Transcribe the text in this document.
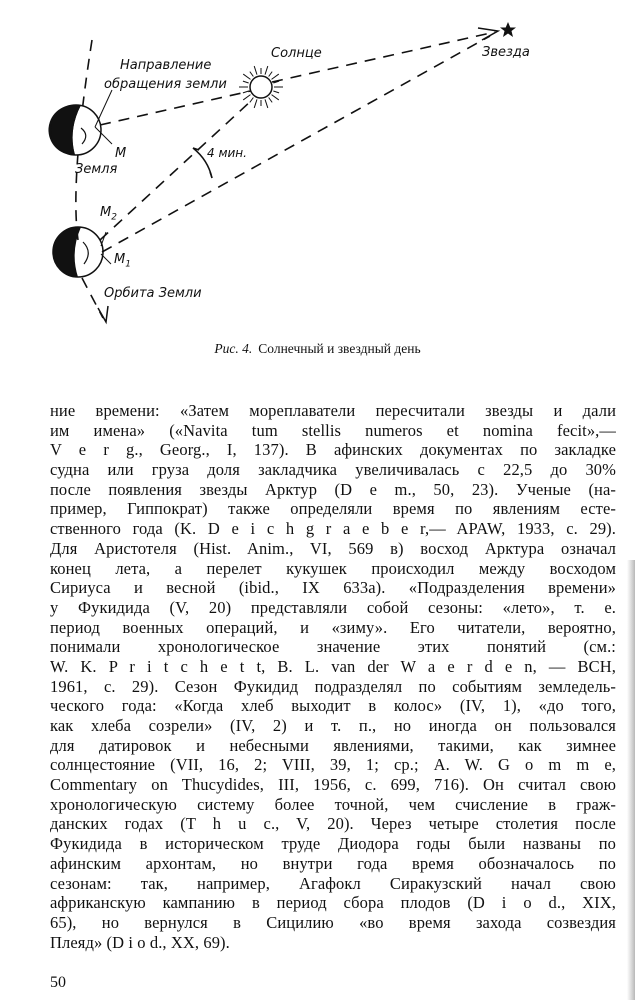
Направление
обращения земли
Солнце	Звезда
M
Земля
4 мин.
$M_2$
$M_1$
Орбита Земли
Рис. 4. Солнечный и звездный день
ние времени: «Затем мореплаватели пересчитали звезды и дали
им имена» («Navita tum stellis numeros et nomina fecit»,—
V e r g., Georg., I, 137). В афинских документах по закладке
судна или груза доля закладчика увеличивалась с 22,5 до 30%
после появления звезды Арктур (D e m., 50, 23). Ученые (на-
пример, Гиппократ) также определяли время по явлениям есте-
ственного года (K. D e i c h g r a e b e r,— APAW, 1933, с. 29).
Для Аристотеля (Hist. Anim., VI, 569 в) восход Арктура означал
конец лета, а перелет кукушек происходил между восходом
Сириуса и весной (ibid., IX 633a). «Подразделения времени»
у Фукидида (V, 20) представляли собой сезоны: «лето», т. е.
период военных операций, и «зиму». Его читатели, вероятно,
понимали хронологическое значение этих понятий (см.:
W. K. P r i t c h e t t, B. L. van der W a e r d e n, — BCH,
1961, с. 29). Сезон Фукидид подразделял по событиям земледель-
ческого года: «Когда хлеб выходит в колос» (IV, 1), «до того,
как хлеба созрели» (IV, 2) и т. п., но иногда он пользовался
для датировок и небесными явлениями, такими, как зимнее
солнцестояние (VII, 16, 2; VIII, 39, 1; ср.; A. W. G o m m e,
Commentary on Thucydides, III, 1956, с. 699, 716). Он считал свою
хронологическую систему более точной, чем счисление в граж-
данских годах (T h u c., V, 20). Через четыре столетия после
Фукидида в историческом труде Диодора годы были названы по
афинским архонтам, но внутри года время обозначалось по
сезонам: так, например, Агафокл Сиракузский начал свою
африканскую кампанию в период сбора плодов (D i o d., XIX,
65), но вернулся в Сицилию «во время захода созвездия
Плеяд» (D i o d., XX, 69).
50
